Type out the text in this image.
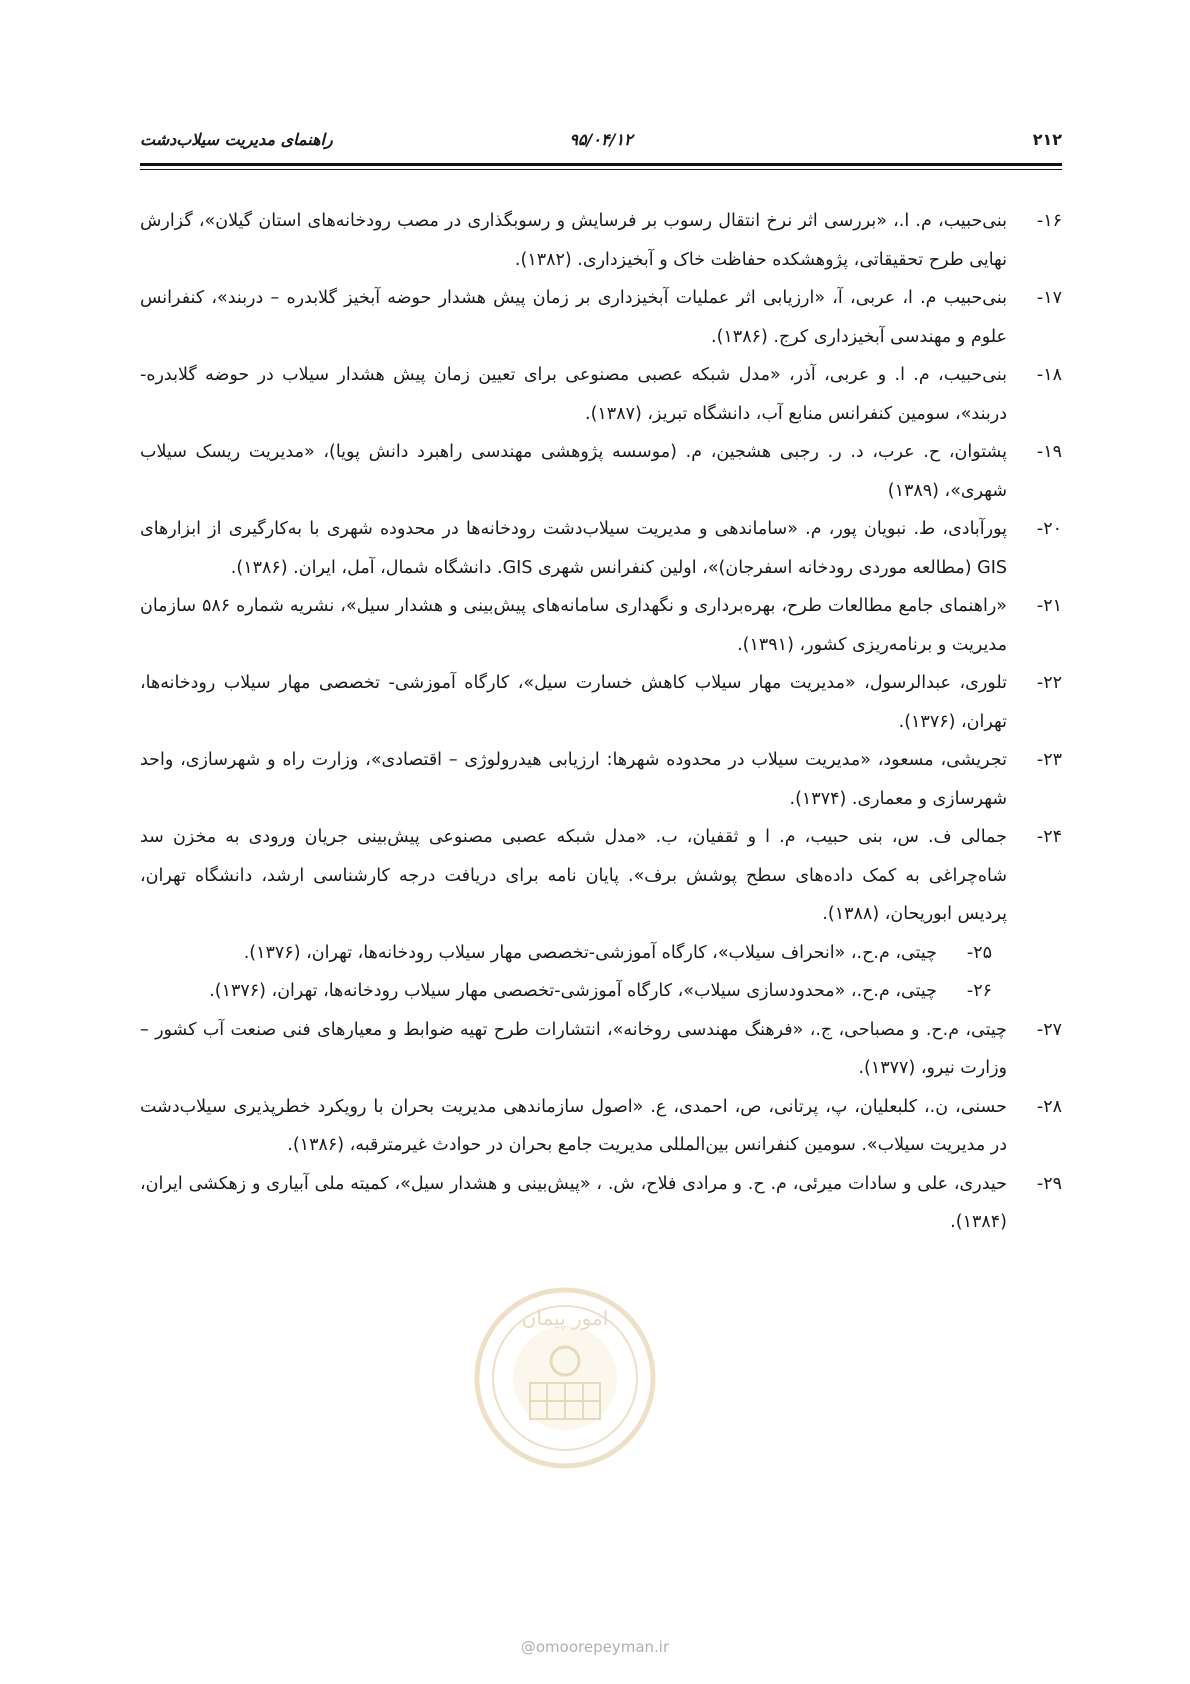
راهنمای مدیریت سیلاب‌دشت	۹۵/۰۴/۱۲	۲۱۲
۱۶-
بنی‌حبیب، م. ا.، «بررسی اثر نرخ انتقال رسوب بر فرسایش و رسوبگذاری در مصب رودخانه‌های استان گیلان»، گزارش نهایی طرح تحقیقاتی، پژوهشکده حفاظت خاک و آبخیزداری. (۱۳۸۲).
۱۷-
بنی‌حبیب م. ا، عربی، آ، «ارزیابی اثر عملیات آبخیزداری بر زمان پیش هشدار حوضه آبخیز گلابدره – دربند»، کنفرانس علوم و مهندسی آبخیزداری کرج. (۱۳۸۶).
۱۸-
بنی‌حبیب، م. ا. و عربی، آذر، «مدل شبکه عصبی مصنوعی برای تعیین زمان پیش هشدار سیلاب در حوضه گلابدره- دربند»، سومین کنفرانس منابع آب، دانشگاه تبریز، (۱۳۸۷).
۱۹-
پشتوان، ح. عرب، د. ر. رجبی هشجین، م. (موسسه پژوهشی مهندسی راهبرد دانش پویا)، «مدیریت ریسک سیلاب شهری»، (۱۳۸۹)
۲۰-
پورآبادی، ط. نبویان پور، م. «ساماندهی و مدیریت سیلاب‌دشت رودخانه‌ها در محدوده شهری با به‌کارگیری از ابزارهای GIS (مطالعه موردی رودخانه اسفرجان)»، اولین کنفرانس شهری GIS. دانشگاه شمال، آمل، ایران. (۱۳۸۶).
۲۱-
«راهنمای جامع مطالعات طرح، بهره‌برداری و نگهداری سامانه‌های پیش‌بینی و هشدار سیل»، نشریه شماره ۵۸۶ سازمان مدیریت و برنامه‌ریزی کشور، (۱۳۹۱).
۲۲-
تلوری، عبدالرسول، «مدیریت مهار سیلاب کاهش خسارت سیل»، کارگاه آموزشی- تخصصی مهار سیلاب رودخانه‌ها، تهران، (۱۳۷۶).
۲۳-
تجریشی، مسعود، «مدیریت سیلاب در محدوده شهرها: ارزیابی هیدرولوژی – اقتصادی»، وزارت راه و شهرسازی، واحد شهرسازی و معماری. (۱۳۷۴).
۲۴-
جمالی ف. س، بنی حبیب، م. ا و ثقفیان، ب. «مدل شبکه عصبی مصنوعی پیش‌بینی جریان ورودی به مخزن سد شاه‌چراغی به کمک داده‌های سطح پوشش برف». پایان نامه برای دریافت درجه کارشناسی ارشد، دانشگاه تهران، پردیس ابوریحان، (۱۳۸۸).
۲۵-
چیتی، م.ح.، «انحراف سیلاب»، کارگاه آموزشی-تخصصی مهار سیلاب رودخانه‌ها، تهران، (۱۳۷۶).
۲۶-
چیتی، م.ح.، «محدودسازی سیلاب»، کارگاه آموزشی-تخصصی مهار سیلاب رودخانه‌ها، تهران، (۱۳۷۶).
۲۷-
چیتی، م.ح. و مصباحی، ج.، «فرهنگ مهندسی روخانه»، انتشارات طرح تهیه ضوابط و معیارهای فنی صنعت آب کشور – وزارت نیرو، (۱۳۷۷).
۲۸-
حسنی، ن.، کلبعلیان، پ، پرتانی، ص، احمدی، ع. «اصول سازماندهی مدیریت بحران با رویکرد خطرپذیری سیلاب‌دشت در مدیریت سیلاب». سومین کنفرانس بین‌المللی مدیریت جامع بحران در حوادث غیرمترقبه، (۱۳۸۶).
۲۹-
حیدری، علی و سادات میرئی، م. ح. و مرادی فلاح، ش. ، «پیش‌بینی و هشدار سیل»، کمیته ملی آبیاری و زهکشی ایران، (۱۳۸۴).
امور پیمان
@omoorepeyman.ir
